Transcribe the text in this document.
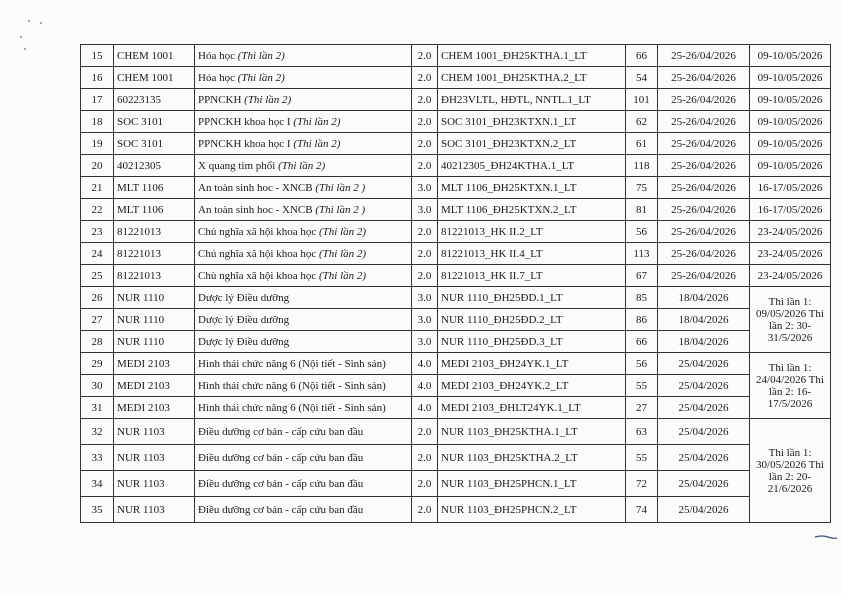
15	CHEM 1001	Hóa học (Thi lần 2)	2.0	CHEM 1001_ĐH25KTHA.1_LT	66	25-26/04/2026	09-10/05/2026
16	CHEM 1001	Hóa học (Thi lần 2)	2.0	CHEM 1001_ĐH25KTHA.2_LT	54	25-26/04/2026	09-10/05/2026
17	60223135	PPNCKH (Thi lần 2)	2.0	ĐH23VLTL, HĐTL, NNTL.1_LT	101	25-26/04/2026	09-10/05/2026
18	SOC 3101	PPNCKH khoa học I (Thi lần 2)	2.0	SOC 3101_ĐH23KTXN.1_LT	62	25-26/04/2026	09-10/05/2026
19	SOC 3101	PPNCKH khoa học I (Thi lần 2)	2.0	SOC 3101_ĐH23KTXN.2_LT	61	25-26/04/2026	09-10/05/2026
20	40212305	X quang tim phổi (Thi lần 2)	2.0	40212305_ĐH24KTHA.1_LT	118	25-26/04/2026	09-10/05/2026
21	MLT 1106	An toàn sinh hoc - XNCB (Thi lần 2 )	3.0	MLT 1106_ĐH25KTXN.1_LT	75	25-26/04/2026	16-17/05/2026
22	MLT 1106	An toàn sinh hoc - XNCB (Thi lần 2 )	3.0	MLT 1106_ĐH25KTXN.2_LT	81	25-26/04/2026	16-17/05/2026
23	81221013	Chủ nghĩa xã hội khoa học (Thi lần 2)	2.0	81221013_HK II.2_LT	56	25-26/04/2026	23-24/05/2026
24	81221013	Chủ nghĩa xã hội khoa học (Thi lần 2)	2.0	81221013_HK II.4_LT	113	25-26/04/2026	23-24/05/2026
25	81221013	Chủ nghĩa xã hội khoa học (Thi lần 2)	2.0	81221013_HK II.7_LT	67	25-26/04/2026	23-24/05/2026
26	NUR 1110	Dược lý Điều dưỡng	3.0	NUR 1110_ĐH25ĐD.1_LT	85	18/04/2026	Thi lần 1: 09/05/2026 Thi lần 2: 30-31/5/2026
27	NUR 1110	Dược lý Điều dưỡng	3.0	NUR 1110_ĐH25ĐD.2_LT	86	18/04/2026	
28	NUR 1110	Dược lý Điều dưỡng	3.0	NUR 1110_ĐH25ĐD.3_LT	66	18/04/2026	
29	MEDI 2103	Hình thái chức năng 6 (Nội tiết - Sinh sản)	4.0	MEDI 2103_ĐH24YK.1_LT	56	25/04/2026	Thi lần 1: 24/04/2026 Thi lần 2: 16-17/5/2026
30	MEDI 2103	Hình thái chức năng 6 (Nội tiết - Sinh sản)	4.0	MEDI 2103_ĐH24YK.2_LT	55	25/04/2026	
31	MEDI 2103	Hình thái chức năng 6 (Nội tiết - Sinh sản)	4.0	MEDI 2103_ĐHLT24YK.1_LT	27	25/04/2026	
32	NUR 1103	Điều dưỡng cơ bản - cấp cứu ban đầu	2.0	NUR 1103_ĐH25KTHA.1_LT	63	25/04/2026	Thi lần 1: 30/05/2026 Thi lần 2: 20-21/6/2026
33	NUR 1103	Điều dưỡng cơ bản - cấp cứu ban đầu	2.0	NUR 1103_ĐH25KTHA.2_LT	55	25/04/2026	
34	NUR 1103	Điều dưỡng cơ bản - cấp cứu ban đầu	2.0	NUR 1103_ĐH25PHCN.1_LT	72	25/04/2026	
35	NUR 1103	Điều dưỡng cơ bản - cấp cứu ban đầu	2.0	NUR 1103_ĐH25PHCN.2_LT	74	25/04/2026	
